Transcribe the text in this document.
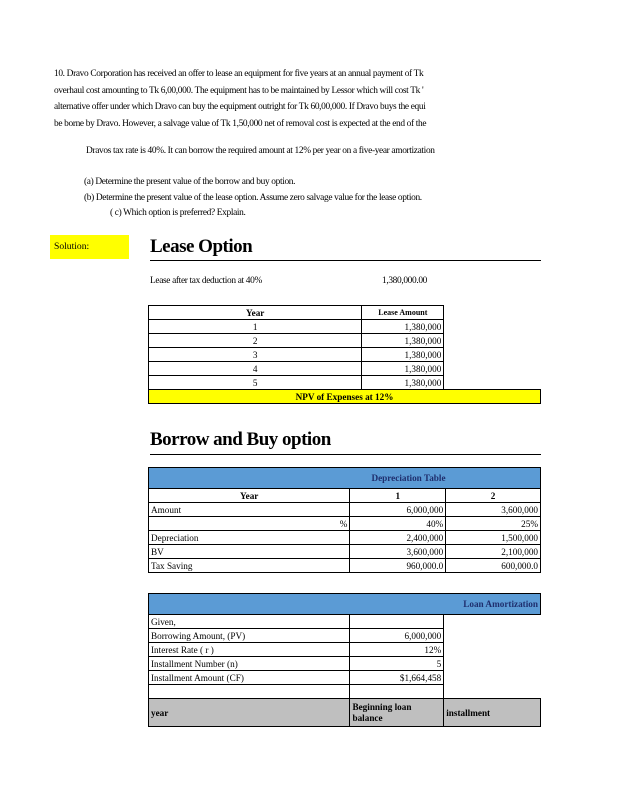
10. Dravo Corporation has received an offer to lease an equipment for five years at an annual payment of Tk
overhaul cost amounting to Tk 6,00,000. The equipment has to be maintained by Lessor which will cost Tk '
alternative offer under which Dravo can buy the equipment outright for Tk 60,00,000. If Dravo buys the equi
be borne by Dravo. However, a salvage value of Tk 1,50,000 net of removal cost is expected at the end of the
Dravos tax rate is 40%. It can borrow the required amount at 12% per year on a five-year amortization
(a) Determine the present value of the borrow and buy option.
(b) Determine the present value of the lease option. Assume zero salvage value for the lease option.
( c) Which option is preferred? Explain.
Solution:	Lease Option
Lease after tax deduction at 40%	1,380,000.00
Year	Lease Amount	
1	1,380,000	
2	1,380,000	
3	1,380,000	
4	1,380,000	
5	1,380,000	
NPV of Expenses at 12%		
Borrow and Buy option
Depreciation Table		
Year	1	2
Amount	6,000,000	3,600,000

%	40%	25%
Depreciation	2,400,000	1,500,000
BV	3,600,000	2,100,000
Tax Saving	960,000.0	600,000.0
Loan Amortization		
Given,		
Borrowing Amount, (PV)	6,000,000	
Interest Rate ( r )	12%	
Installment Number (n)	5	
Installment Amount (CF)	$1,664,458	

year	Beginning loan balance	installment
